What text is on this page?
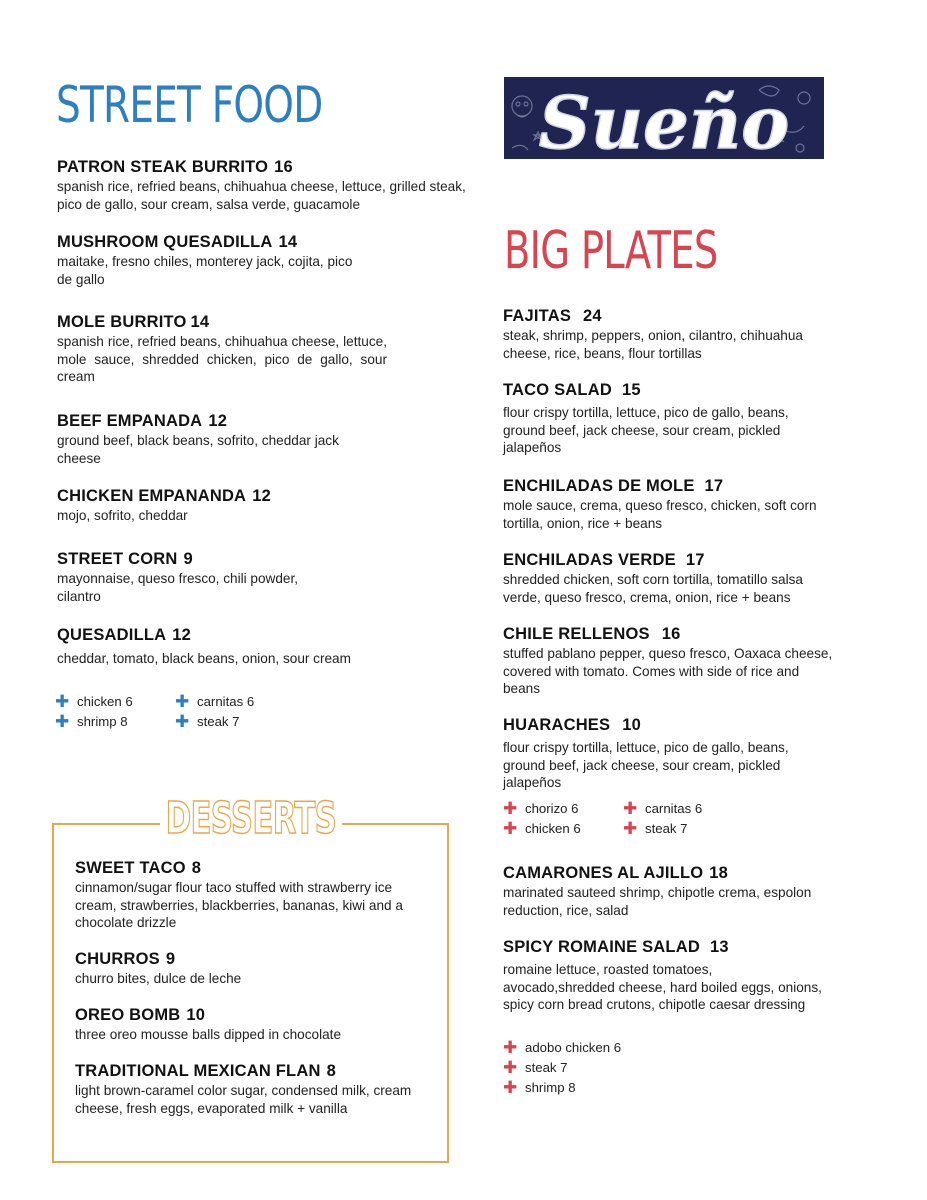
STREET FOOD
PATRON STEAK BURRITO 16
spanish rice, refried beans, chihuahua cheese, lettuce, grilled steak, pico de gallo, sour cream, salsa verde, guacamole
MUSHROOM QUESADILLA 14
maitake, fresno chiles, monterey jack, cojita, pico de gallo
MOLE BURRITO 14
spanish rice, refried beans, chihuahua cheese, lettuce, mole sauce, shredded chicken, pico de gallo, sour cream
BEEF EMPANADA 12
ground beef, black beans, sofrito, cheddar jack cheese
CHICKEN EMPANANDA 12
mojo, sofrito, cheddar
STREET CORN 9
mayonnaise, queso fresco, chili powder, cilantro
QUESADILLA 12
cheddar, tomato, black beans, onion, sour cream
✚ chicken 6 ✚ carnitas 6
✚ shrimp 8	✚ steak 7
DESSERTS
SWEET TACO 8
cinnamon/sugar flour taco stuffed with strawberry ice cream, strawberries, blackberries, bananas, kiwi and a chocolate drizzle
CHURROS 9
churro bites, dulce de leche
OREO BOMB 10
three oreo mousse balls dipped in chocolate
TRADITIONAL MEXICAN FLAN 8
light brown-caramel color sugar, condensed milk, cream cheese, fresh eggs, evaporated milk + vanilla
Sueño
BIG PLATES
FAJITAS 24
steak, shrimp, peppers, onion, cilantro, chihuahua cheese, rice, beans, flour tortillas
TACO SALAD 15
flour crispy tortilla, lettuce, pico de gallo, beans, ground beef, jack cheese, sour cream, pickled jalapeños
ENCHILADAS DE MOLE 17
mole sauce, crema, queso fresco, chicken, soft corn tortilla, onion, rice + beans
ENCHILADAS VERDE 17
shredded chicken, soft corn tortilla, tomatillo salsa verde, queso fresco, crema, onion, rice + beans
CHILE RELLENOS 16
stuffed pablano pepper, queso fresco, Oaxaca cheese, covered with tomato. Comes with side of rice and beans
HUARACHES 10
flour crispy tortilla, lettuce, pico de gallo, beans, ground beef, jack cheese, sour cream, pickled jalapeños
✚ chorizo 6	✚ carnitas 6
✚ chicken 6 ✚ steak 7
CAMARONES AL AJILLO 18
marinated sauteed shrimp, chipotle crema, espolon reduction, rice, salad
SPICY ROMAINE SALAD 13
romaine lettuce, roasted tomatoes, avocado,shredded cheese, hard boiled eggs, onions, spicy corn bread crutons, chipotle caesar dressing
✚ adobo chicken 6
✚ steak 7
✚ shrimp 8
